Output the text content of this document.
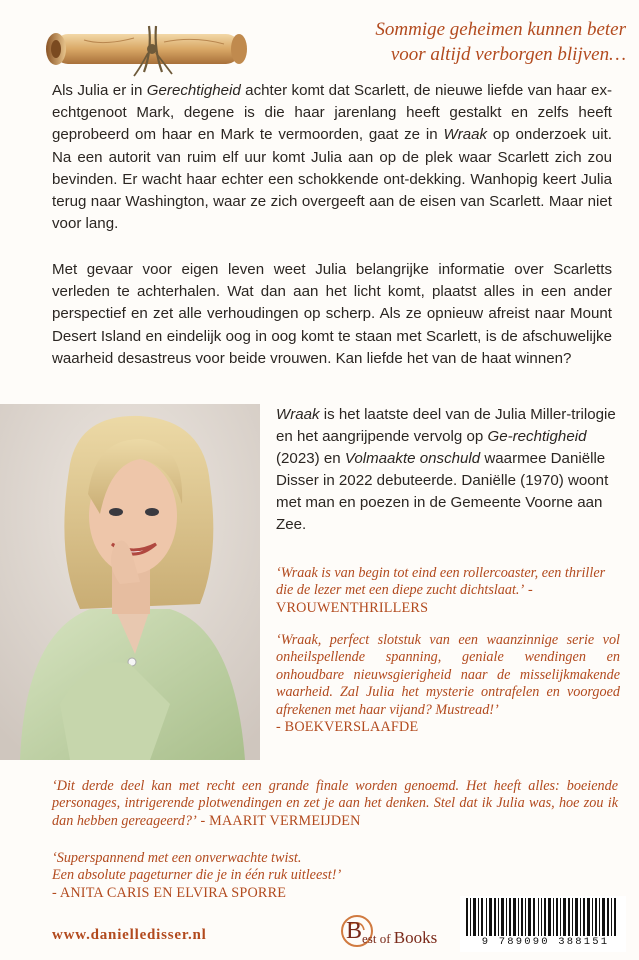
Sommige geheimen kunnen beter
voor altijd verborgen blijven…
Als Julia er in Gerechtigheid achter komt dat Scarlett, de nieuwe liefde van haar ex-echtgenoot Mark, degene is die haar jarenlang heeft gestalkt en zelfs heeft geprobeerd om haar en Mark te vermoorden, gaat ze in Wraak op onderzoek uit. Na een autorit van ruim elf uur komt Julia aan op de plek waar Scarlett zich zou bevinden. Er wacht haar echter een schokkende ont-dekking. Wanhopig keert Julia terug naar Washington, waar ze zich overgeeft aan de eisen van Scarlett. Maar niet voor lang.
Met gevaar voor eigen leven weet Julia belangrijke informatie over Scarletts verleden te achterhalen. Wat dan aan het licht komt, plaatst alles in een ander perspectief en zet alle verhoudingen op scherp. Als ze opnieuw afreist naar Mount Desert Island en eindelijk oog in oog komt te staan met Scarlett, is de afschuwelijke waarheid desastreus voor beide vrouwen. Kan liefde het van de haat winnen?
Wraak is het laatste deel van de Julia Miller-trilogie en het aangrijpende vervolg op Ge-rechtigheid (2023) en Volmaakte onschuld waarmee Daniëlle Disser in 2022 debuteerde. Daniëlle (1970) woont met man en poezen in de Gemeente Voorne aan Zee.
‘Wraak is van begin tot eind een rollercoaster, een thriller die de lezer met een diepe zucht dichtslaat.’ - VROUWENTHRILLERS
‘Wraak, perfect slotstuk van een waanzinnige serie vol onheilspellende spanning, geniale wendingen en onhoudbare nieuwsgierigheid naar de misselijkmakende waarheid. Zal Julia het mysterie ontrafelen en voorgoed afrekenen met haar vijand? Mustread!’
- BOEKVERSLAAFDE
‘Dit derde deel kan met recht een grande finale worden genoemd. Het heeft alles: boeiende personages, intrigerende plotwendingen en zet je aan het denken. Stel dat ik Julia was, hoe zou ik dan hebben gereageerd?’ - MAARIT VERMEIJDEN
‘Superspannend met een onverwachte twist.
Een absolute pageturner die je in één ruk uitleest!’
- ANITA CARIS EN ELVIRA SPORRE
www.danielledisser.nl	B est of Books	9 789090 388151
